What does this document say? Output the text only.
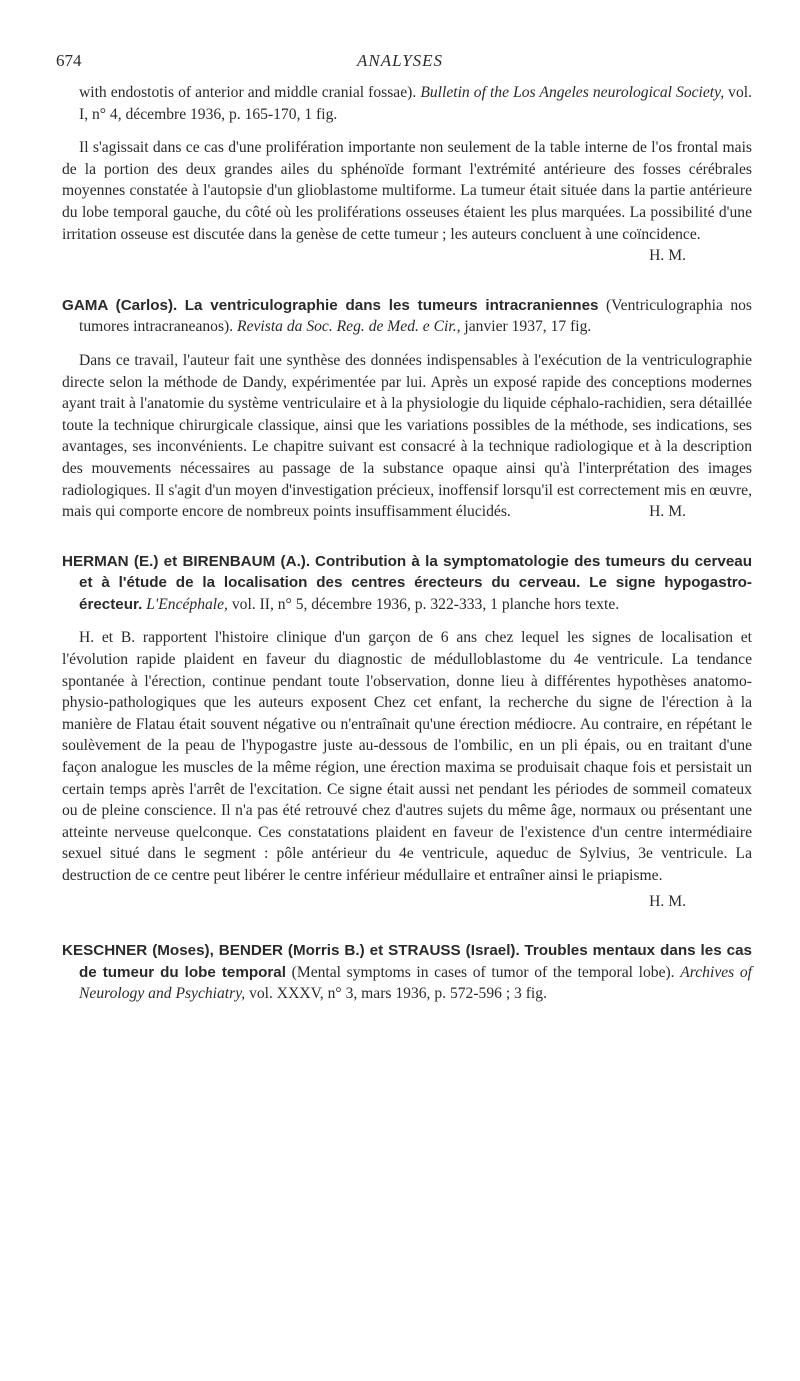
674	ANALYSES

with endostotis of anterior and middle cranial fossae). Bulletin of the Los Angeles neurological Society, vol. I, n° 4, décembre 1936, p. 165-170, 1 fig.

Il s'agissait dans ce cas d'une prolifération importante non seulement de la table interne de l'os frontal mais de la portion des deux grandes ailes du sphénoïde formant l'extrémité antérieure des fosses cérébrales moyennes constatée à l'autopsie d'un glioblastome multiforme. La tumeur était située dans la partie antérieure du lobe temporal gauche, du côté où les proliférations osseuses étaient les plus marquées. La possibilité d'une irritation osseuse est discutée dans la genèse de cette tumeur ; les auteurs concluent à une coïncidence.
H. M.

GAMA (Carlos). La ventriculographie dans les tumeurs intracraniennes (Ventriculographia nos tumores intracraneanos). Revista da Soc. Reg. de Med. e Cir., janvier 1937, 17 fig.

Dans ce travail, l'auteur fait une synthèse des données indispensables à l'exécution de la ventriculographie directe selon la méthode de Dandy, expérimentée par lui. Après un exposé rapide des conceptions modernes ayant trait à l'anatomie du système ventriculaire et à la physiologie du liquide céphalo-rachidien, sera détaillée toute la technique chirurgicale classique, ainsi que les variations possibles de la méthode, ses indications, ses avantages, ses inconvénients. Le chapitre suivant est consacré à la technique radiologique et à la description des mouvements nécessaires au passage de la substance opaque ainsi qu'à l'interprétation des images radiologiques. Il s'agit d'un moyen d'investigation précieux, inoffensif lorsqu'il est correctement mis en œuvre, mais qui comporte encore de nombreux points insuffisamment élucidés.	H. M.

HERMAN (E.) et BIRENBAUM (A.). Contribution à la symptomatologie des tumeurs du cerveau et à l'étude de la localisation des centres érecteurs du cerveau. Le signe hypogastro-érecteur. L'Encéphale, vol. II, n° 5, décembre 1936, p. 322-333, 1 planche hors texte.

H. et B. rapportent l'histoire clinique d'un garçon de 6 ans chez lequel les signes de localisation et l'évolution rapide plaident en faveur du diagnostic de médulloblastome du 4e ventricule. La tendance spontanée à l'érection, continue pendant toute l'observation, donne lieu à différentes hypothèses anatomo-physio-pathologiques que les auteurs exposent Chez cet enfant, la recherche du signe de l'érection à la manière de Flatau était souvent négative ou n'entraînait qu'une érection médiocre. Au contraire, en répétant le soulèvement de la peau de l'hypogastre juste au-dessous de l'ombilic, en un pli épais, ou en traitant d'une façon analogue les muscles de la même région, une érection maxima se produisait chaque fois et persistait un certain temps après l'arrêt de l'excitation. Ce signe était aussi net pendant les périodes de sommeil comateux ou de pleine conscience. Il n'a pas été retrouvé chez d'autres sujets du même âge, normaux ou présentant une atteinte nerveuse quelconque. Ces constatations plaident en faveur de l'existence d'un centre intermédiaire sexuel situé dans le segment : pôle antérieur du 4e ventricule, aqueduc de Sylvius, 3e ventricule. La destruction de ce centre peut libérer le centre inférieur médullaire et entraîner ainsi le priapisme.

H. M.

KESCHNER (Moses), BENDER (Morris B.) et STRAUSS (Israel). Troubles mentaux dans les cas de tumeur du lobe temporal (Mental symptoms in cases of tumor of the temporal lobe). Archives of Neurology and Psychiatry, vol. XXXV, n° 3, mars 1936, p. 572-596 ; 3 fig.
